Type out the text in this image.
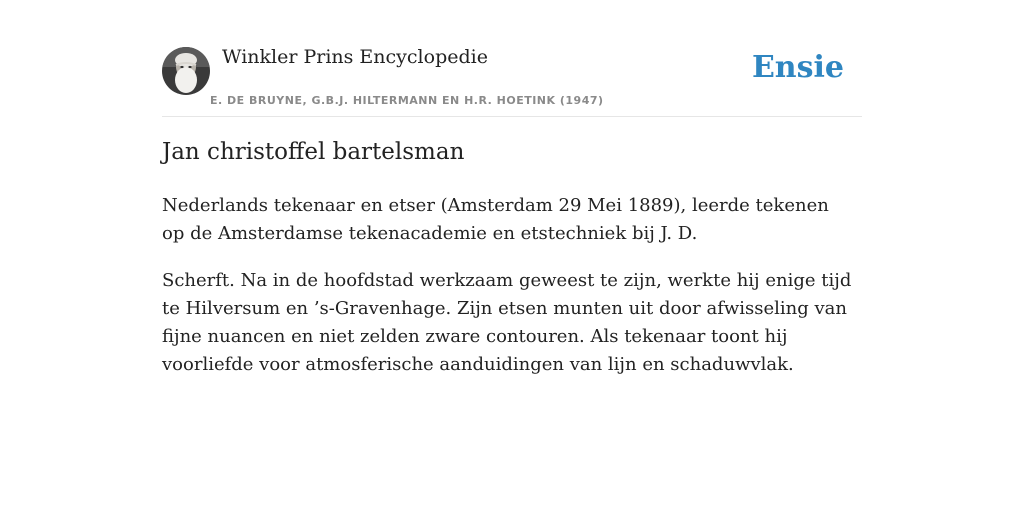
Winkler Prins Encyclopedie
E. DE BRUYNE, G.B.J. HILTERMANN EN H.R. HOETINK (1947)
Ensie
Jan christoffel bartelsman

Nederlands tekenaar en etser (Amsterdam 29 Mei 1889), leerde tekenen op de Amsterdamse tekenacademie en etstechniek bij J. D.

Scherft. Na in de hoofdstad werkzaam geweest te zijn, werkte hij enige tijd te Hilversum en ’s-Gravenhage. Zijn etsen munten uit door afwisseling van fijne nuancen en niet zelden zware contouren. Als tekenaar toont hij voorliefde voor atmosferische aanduidingen van lijn en schaduwvlak.
